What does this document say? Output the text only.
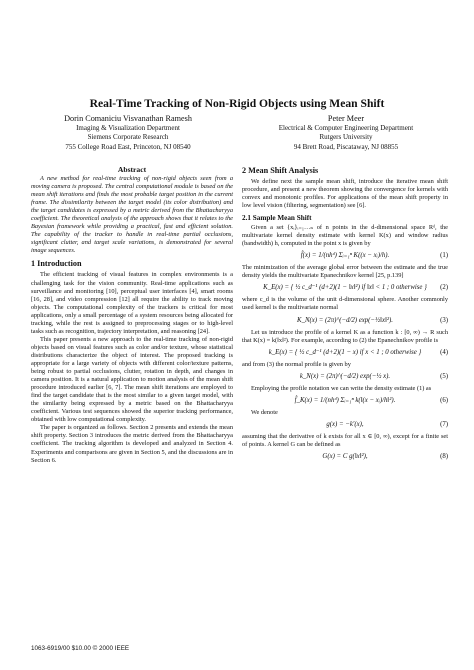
Real-Time Tracking of Non-Rigid Objects using Mean Shift
Dorin Comaniciu Visvanathan Ramesh
Imaging & Visualization Department
Siemens Corporate Research
755 College Road East, Princeton, NJ 08540
Peter Meer
Electrical & Computer Engineering Department
Rutgers University
94 Brett Road, Piscataway, NJ 08855
Abstract

A new method for real-time tracking of non-rigid objects seen from a moving camera is proposed. The central computational module is based on the mean shift iterations and finds the most probable target position in the current frame. The dissimilarity between the target model (its color distribution) and the target candidates is expressed by a metric derived from the Bhattacharyya coefficient. The theoretical analysis of the approach shows that it relates to the Bayesian framework while providing a practical, fast and efficient solution. The capability of the tracker to handle in real-time partial occlusions, significant clutter, and target scale variations, is demonstrated for several image sequences.

1 Introduction

The efficient tracking of visual features in complex environments is a challenging task for the vision community. Real-time applications such as surveillance and monitoring [10], perceptual user interfaces [4], smart rooms [16, 28], and video compression [12] all require the ability to track moving objects. The computational complexity of the trackers is critical for most applications, only a small percentage of a system resources being allocated for tracking, while the rest is assigned to preprocessing stages or to high-level tasks such as recognition, trajectory interpretation, and reasoning [24].

This paper presents a new approach to the real-time tracking of non-rigid objects based on visual features such as color and/or texture, whose statistical distributions characterize the object of interest. The proposed tracking is appropriate for a large variety of objects with different color/texture patterns, being robust to partial occlusions, clutter, rotation in depth, and changes in camera position. It is a natural application to motion analysis of the mean shift procedure introduced earlier [6, 7]. The mean shift iterations are employed to find the target candidate that is the most similar to a given target model, with the similarity being expressed by a metric based on the Bhattacharyya coefficient. Various test sequences showed the superior tracking performance, obtained with low computational complexity.

The paper is organized as follows. Section 2 presents and extends the mean shift property. Section 3 introduces the metric derived from the Bhattacharyya coefficient. The tracking algorithm is developed and analyzed in Section 4. Experiments and comparisons are given in Section 5, and the discussions are in Section 6.

2 Mean Shift Analysis

We define next the sample mean shift, introduce the iterative mean shift procedure, and present a new theorem showing the convergence for kernels with convex and monotonic profiles. For applications of the mean shift property in low level vision (filtering, segmentation) see [6].

2.1 Sample Mean Shift

Given a set {xᵢ}ᵢ₌₁…ₙ of n points in the d-dimensional space Rᵈ, the multivariate kernel density estimate with kernel K(x) and window radius (bandwidth) h, computed in the point x is given by

f̂(x) = 1/(nhᵈ) Σᵢ₌₁ⁿ K((x − xᵢ)/h).	(1)

The minimization of the average global error between the estimate and the true density yields the multivariate Epanechnikov kernel [25, p.139]

K_E(x) = { ½ c_d⁻¹ (d+2)(1 − ‖x‖²) if ‖x‖ < 1 ; 0 otherwise } (2)

where c_d is the volume of the unit d-dimensional sphere. Another commonly used kernel is the multivariate normal

K_N(x) = (2π)^(−d/2) exp(−½‖x‖²).	(3)

Let us introduce the profile of a kernel K as a function k : [0, ∞) → R such that K(x) = k(‖x‖²). For example, according to (2) the Epanechnikov profile is

k_E(x) = { ½ c_d⁻¹ (d+2)(1 − x) if x < 1 ; 0 otherwise }	(4)

and from (3) the normal profile is given by

k_N(x) = (2π)^(−d/2) exp(−½ x).	(5)

Employing the profile notation we can write the density estimate (1) as

f̂_K(x) = 1/(nhᵈ) Σᵢ₌₁ⁿ k(‖(x − xᵢ)/h‖²).	(6)

We denote

g(x) = −k′(x),	(7)

assuming that the derivative of k exists for all x ∈ [0, ∞), except for a finite set of points. A kernel G can be defined as

G(x) = C g(‖x‖²),	(8)
1063-6919/00 $10.00 © 2000 IEEE
